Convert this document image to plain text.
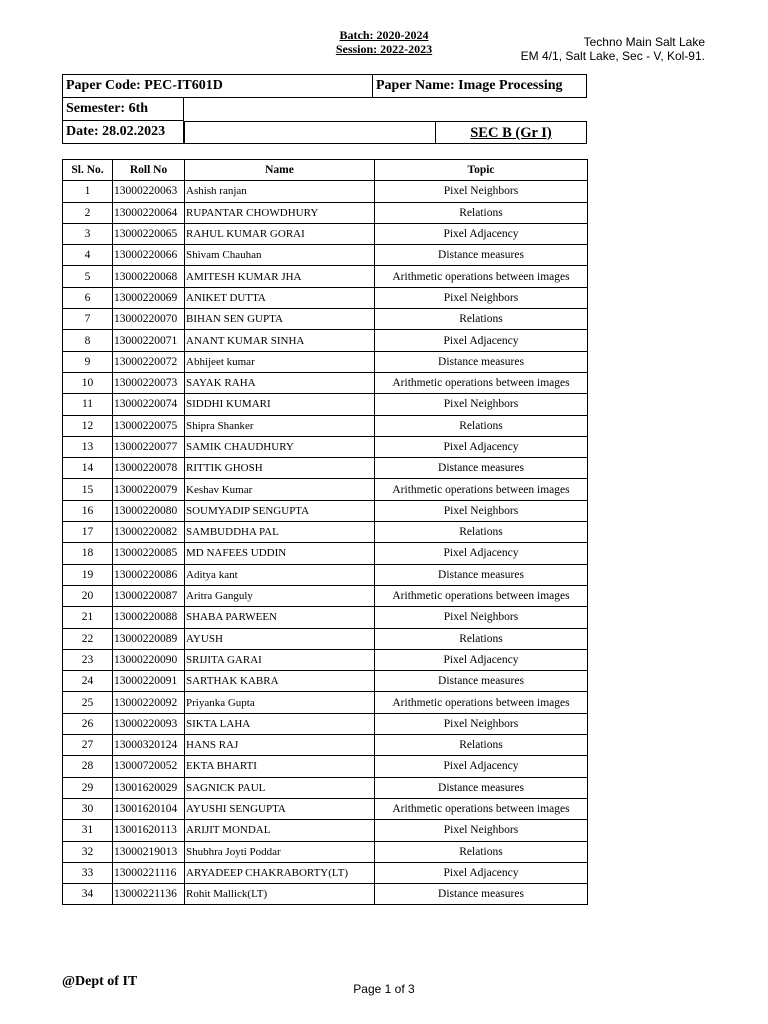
Batch: 2020-2024
Session: 2022-2023	Techno Main Salt Lake
EM 4/1, Salt Lake, Sec - V, Kol-91.
Paper Code: PEC-IT601D	Paper Name: Image Processing
Semester: 6th
Date: 28.02.2023	SEC B (Gr I)
Sl. No.	Roll No	Name	Topic
1	13000220063	Ashish ranjan	Pixel Neighbors
2	13000220064	RUPANTAR CHOWDHURY	Relations
3	13000220065	RAHUL KUMAR GORAI	Pixel Adjacency
4	13000220066	Shivam Chauhan	Distance measures
5	13000220068	AMITESH KUMAR JHA	Arithmetic operations between images
6	13000220069	ANIKET DUTTA	Pixel Neighbors
7	13000220070	BIHAN SEN GUPTA	Relations
8	13000220071	ANANT KUMAR SINHA	Pixel Adjacency
9	13000220072	Abhijeet kumar	Distance measures
10	13000220073	SAYAK RAHA	Arithmetic operations between images
11	13000220074	SIDDHI KUMARI	Pixel Neighbors
12	13000220075	Shipra Shanker	Relations
13	13000220077	SAMIK CHAUDHURY	Pixel Adjacency
14	13000220078	RITTIK GHOSH	Distance measures
15	13000220079	Keshav Kumar	Arithmetic operations between images
16	13000220080	SOUMYADIP SENGUPTA	Pixel Neighbors
17	13000220082	SAMBUDDHA PAL	Relations
18	13000220085	MD NAFEES UDDIN	Pixel Adjacency
19	13000220086	Aditya kant	Distance measures
20	13000220087	Aritra Ganguly	Arithmetic operations between images
21	13000220088	SHABA PARWEEN	Pixel Neighbors
22	13000220089	AYUSH	Relations
23	13000220090	SRIJITA GARAI	Pixel Adjacency
24	13000220091	SARTHAK KABRA	Distance measures
25	13000220092	Priyanka Gupta	Arithmetic operations between images
26	13000220093	SIKTA LAHA	Pixel Neighbors
27	13000320124	HANS RAJ	Relations
28	13000720052	EKTA BHARTI	Pixel Adjacency
29	13001620029	SAGNICK PAUL	Distance measures
30	13001620104	AYUSHI SENGUPTA	Arithmetic operations between images
31	13001620113	ARIJIT MONDAL	Pixel Neighbors
32	13000219013	Shubhra Joyti Poddar	Relations
33	13000221116	ARYADEEP CHAKRABORTY(LT)	Pixel Adjacency
34	13000221136	Rohit Mallick(LT)	Distance measures
@Dept of IT	Page 1 of 3
